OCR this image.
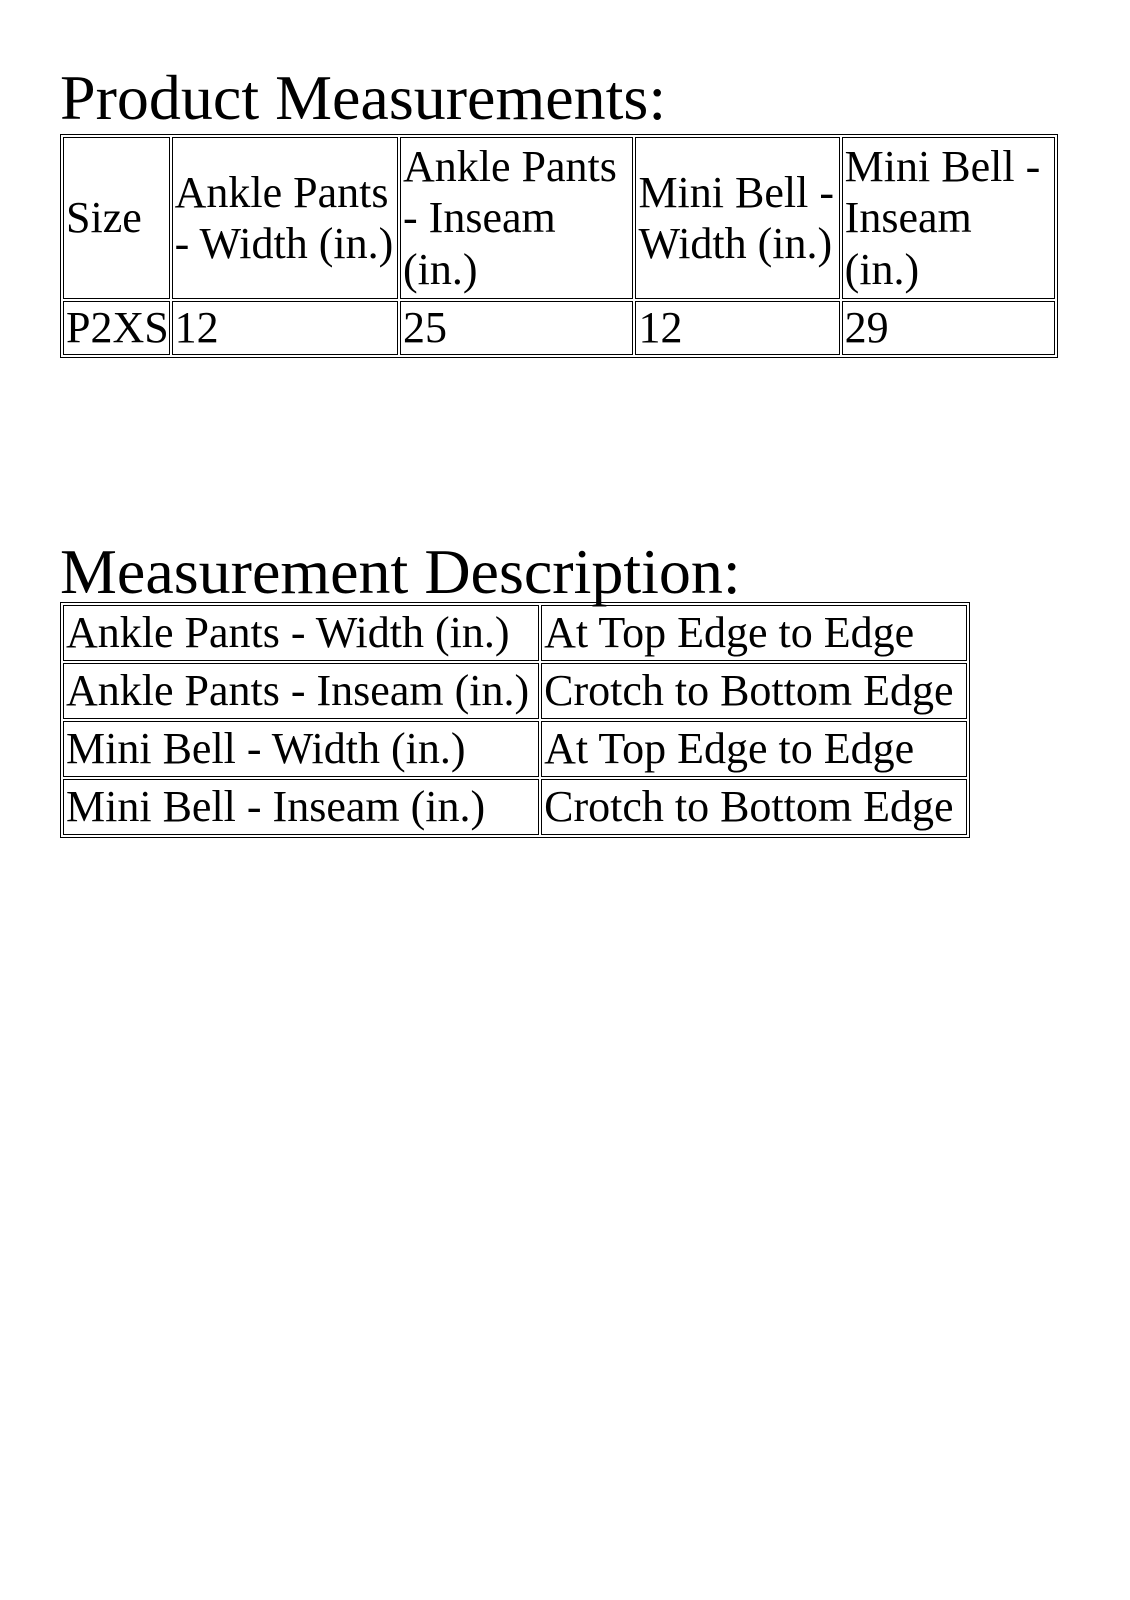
Product Measurements:
Size	Ankle Pants - Width (in.)	Ankle Pants - Inseam (in.)	Mini Bell - Width (in.)	Mini Bell - Inseam (in.)
P2XS	12	25	12	29
Measurement Description:
Ankle Pants - Width (in.)	At Top Edge to Edge
Ankle Pants - Inseam (in.)	Crotch to Bottom Edge
Mini Bell - Width (in.)	At Top Edge to Edge
Mini Bell - Inseam (in.)	Crotch to Bottom Edge
